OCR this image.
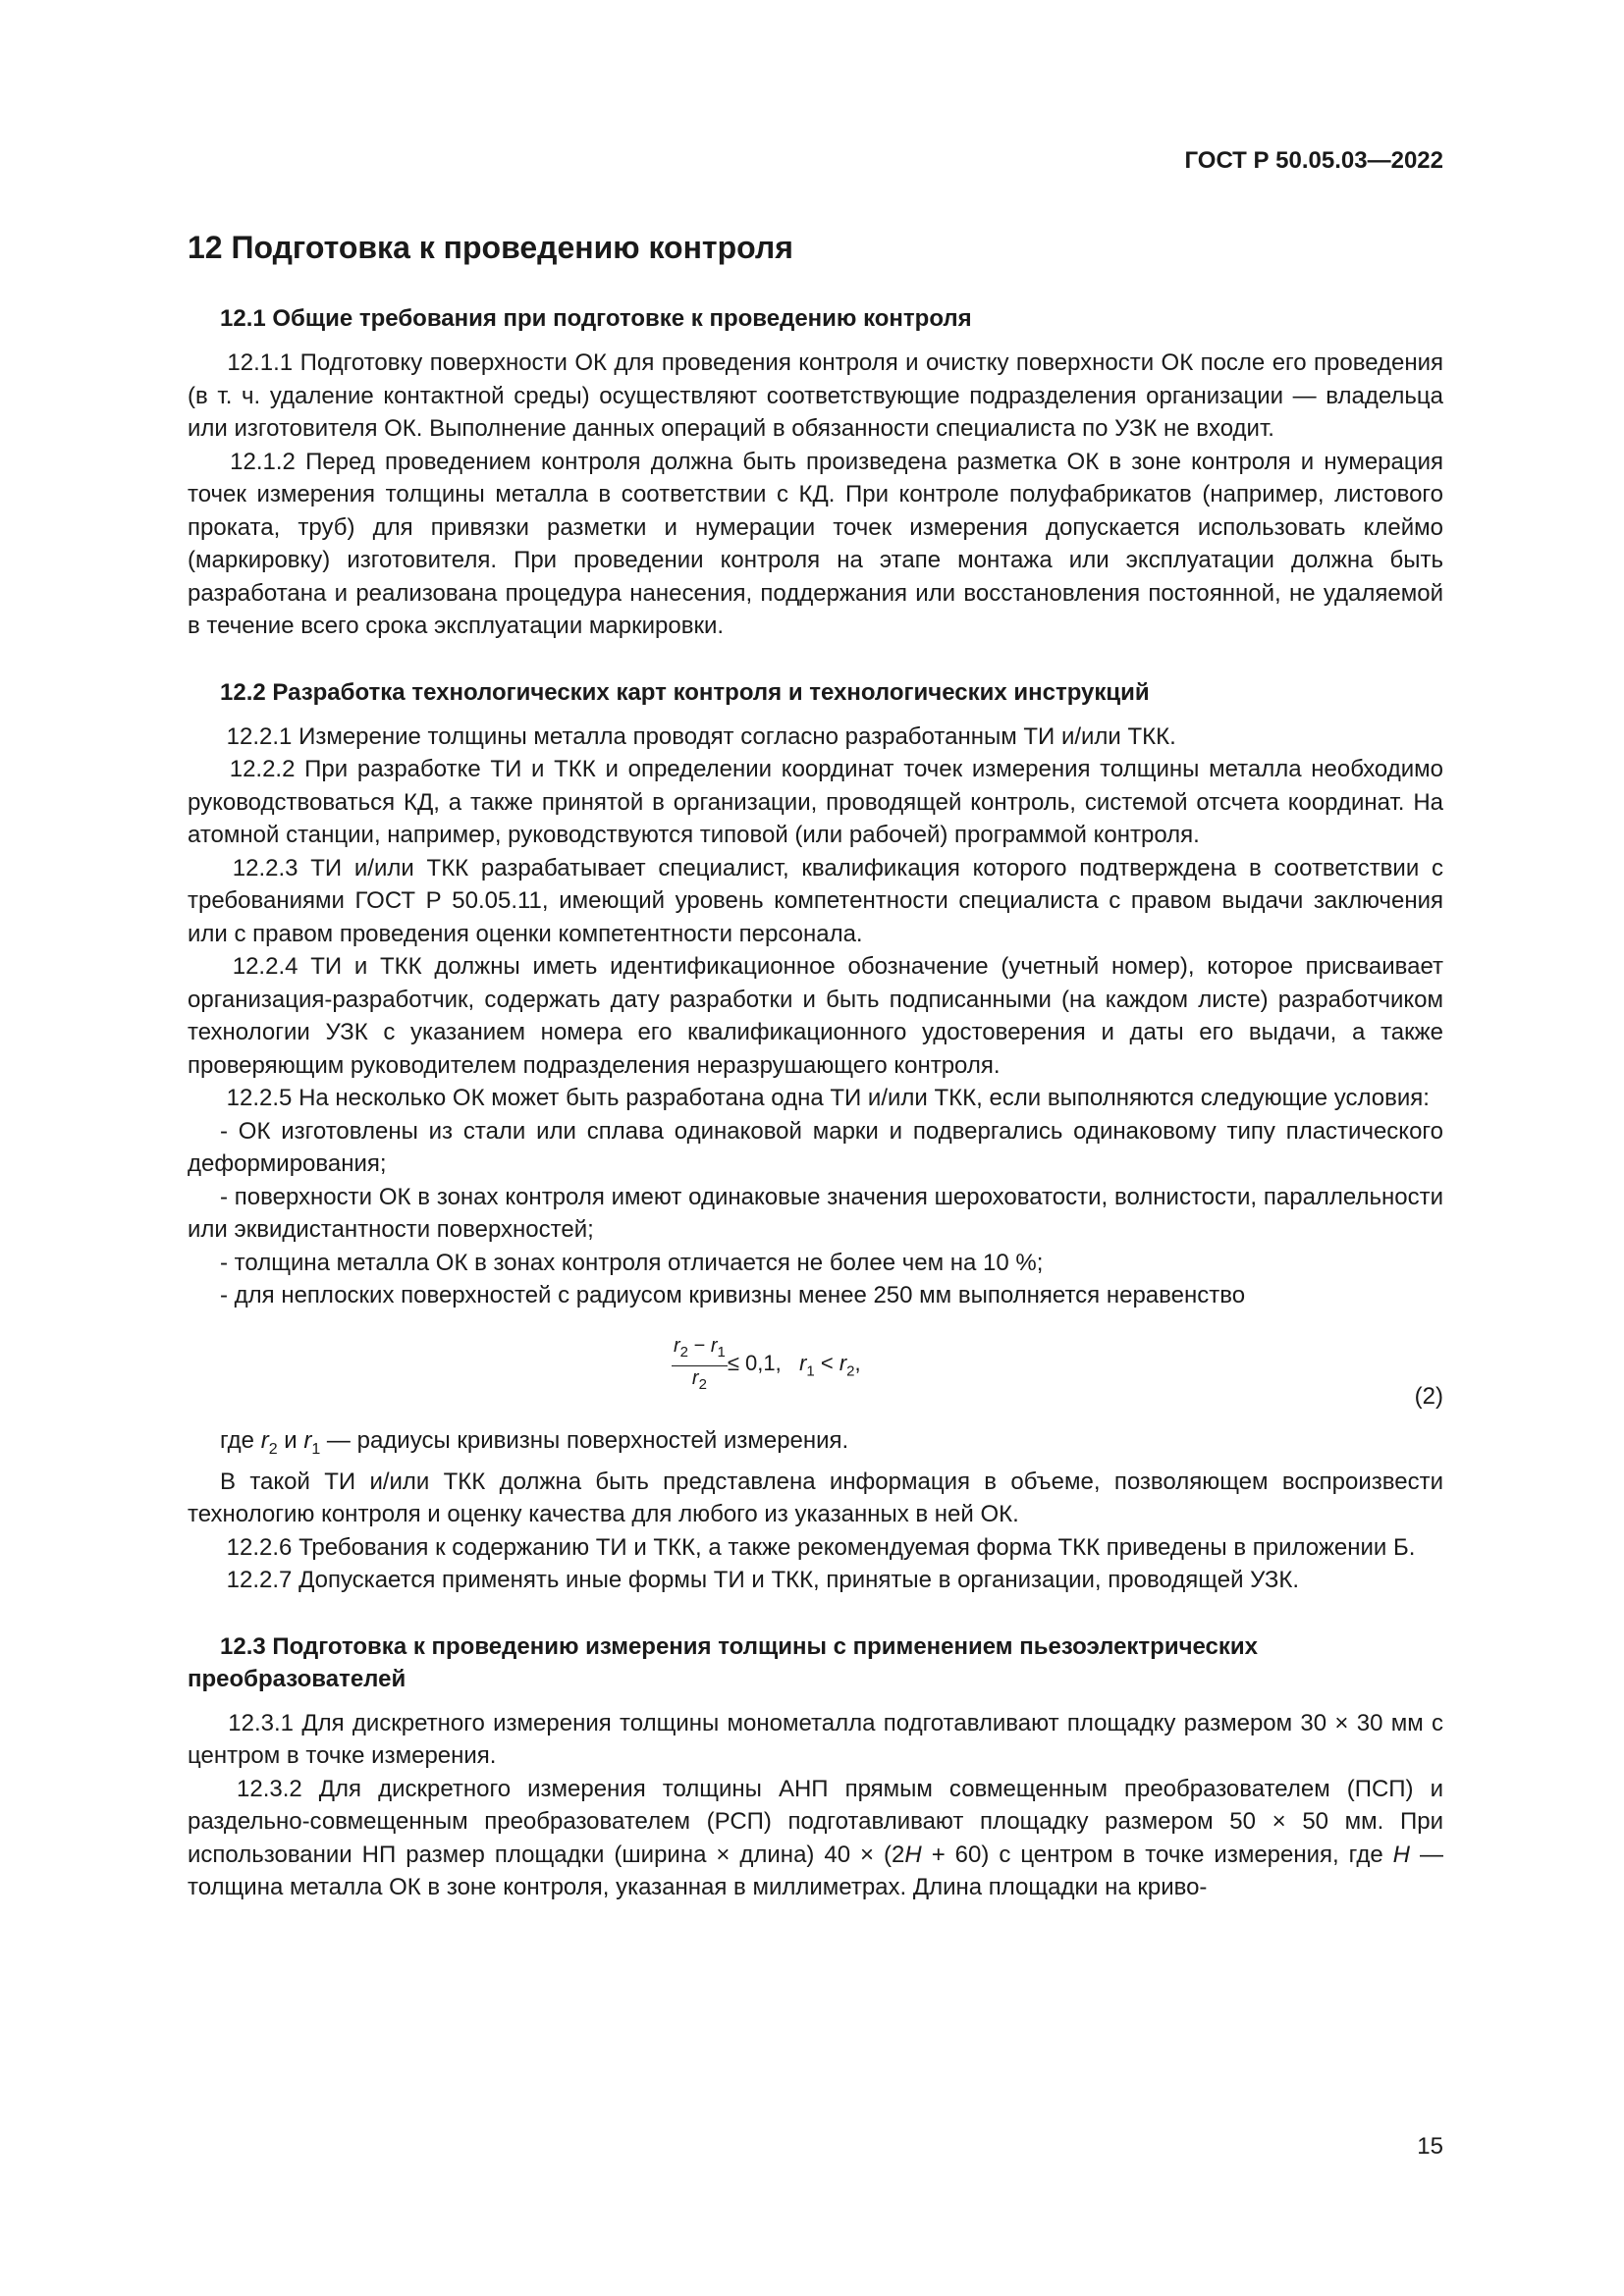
ГОСТ Р 50.05.03—2022
12 Подготовка к проведению контроля
12.1 Общие требования при подготовке к проведению контроля

12.1.1 Подготовку поверхности ОК для проведения контроля и очистку поверхности ОК после его проведения (в т. ч. удаление контактной среды) осуществляют соответствующие подразделения организации — владельца или изготовителя ОК. Выполнение данных операций в обязанности специалиста по УЗК не входит.

12.1.2 Перед проведением контроля должна быть произведена разметка ОК в зоне контроля и нумерация точек измерения толщины металла в соответствии с КД. При контроле полуфабрикатов (например, листового проката, труб) для привязки разметки и нумерации точек измерения допускается использовать клеймо (маркировку) изготовителя. При проведении контроля на этапе монтажа или эксплуатации должна быть разработана и реализована процедура нанесения, поддержания или восстановления постоянной, не удаляемой в течение всего срока эксплуатации маркировки.

12.2 Разработка технологических карт контроля и технологических инструкций

12.2.1 Измерение толщины металла проводят согласно разработанным ТИ и/или ТКК.

12.2.2 При разработке ТИ и ТКК и определении координат точек измерения толщины металла необходимо руководствоваться КД, а также принятой в организации, проводящей контроль, системой отсчета координат. На атомной станции, например, руководствуются типовой (или рабочей) программой контроля.

12.2.3 ТИ и/или ТКК разрабатывает специалист, квалификация которого подтверждена в соответствии с требованиями ГОСТ Р 50.05.11, имеющий уровень компетентности специалиста с правом выдачи заключения или с правом проведения оценки компетентности персонала.

12.2.4 ТИ и ТКК должны иметь идентификационное обозначение (учетный номер), которое присваивает организация-разработчик, содержать дату разработки и быть подписанными (на каждом листе) разработчиком технологии УЗК с указанием номера его квалификационного удостоверения и даты его выдачи, а также проверяющим руководителем подразделения неразрушающего контроля.

12.2.5 На несколько ОК может быть разработана одна ТИ и/или ТКК, если выполняются следующие условия:

- ОК изготовлены из стали или сплава одинаковой марки и подвергались одинаковому типу пластического деформирования;

- поверхности ОК в зонах контроля имеют одинаковые значения шероховатости, волнистости, параллельности или эквидистантности поверхностей;

- толщина металла ОК в зонах контроля отличается не более чем на 10 %;

- для неплоских поверхностей с радиусом кривизны менее 250 мм выполняется неравенство

$\frac{r_2 - r_1}{r_2} \le 0,1$, $r_1 < r_2$,
(2)

где $r_2$ и $r_1$ — радиусы кривизны поверхностей измерения.

В такой ТИ и/или ТКК должна быть представлена информация в объеме, позволяющем воспроизвести технологию контроля и оценку качества для любого из указанных в ней ОК.

12.2.6 Требования к содержанию ТИ и ТКК, а также рекомендуемая форма ТКК приведены в приложении Б.

12.2.7 Допускается применять иные формы ТИ и ТКК, принятые в организации, проводящей УЗК.

12.3 Подготовка к проведению измерения толщины с применением пьезоэлектрических преобразователей

12.3.1 Для дискретного измерения толщины монометалла подготавливают площадку размером 30 × 30 мм с центром в точке измерения.

12.3.2 Для дискретного измерения толщины АНП прямым совмещенным преобразователем (ПСП) и раздельно-совмещенным преобразователем (РСП) подготавливают площадку размером 50 × 50 мм. При использовании НП размер площадки (ширина × длина) 40 × (2H + 60) с центром в точке измерения, где H — толщина металла ОК в зоне контроля, указанная в миллиметрах. Длина площадки на криво-

15
